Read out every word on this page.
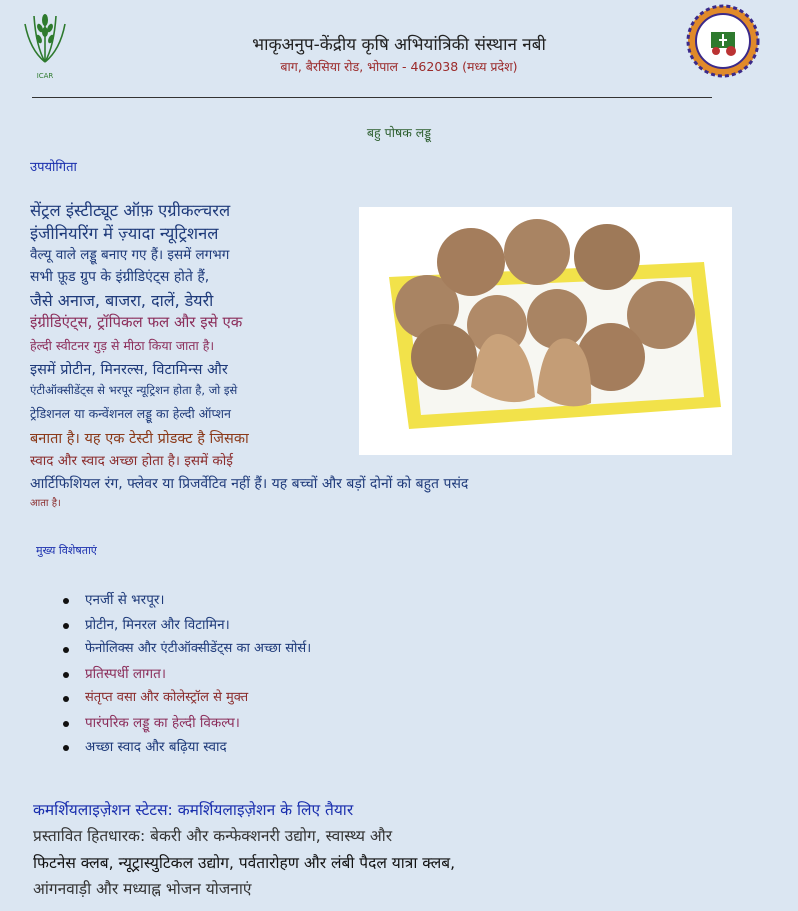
ICAR
भाकृअनुप-केंद्रीय कृषि अभियांत्रिकी संस्थान नबी
बाग, बैरसिया रोड, भोपाल - 462038 (मध्य प्रदेश)
बहु पोषक लड्डू
उपयोगिता
सेंट्रल इंस्टीट्यूट ऑफ़ एग्रीकल्चरल
इंजीनियरिंग में ज़्यादा न्यूट्रिशनल
वैल्यू वाले लड्डू बनाए गए हैं। इसमें लगभग
सभी फ़ूड ग्रुप के इंग्रीडिएंट्स होते हैं,
जैसे अनाज, बाजरा, दालें, डेयरी
इंग्रीडिएंट्स, ट्रॉपिकल फल और इसे एक
हेल्दी स्वीटनर गुड़ से मीठा किया जाता है।
इसमें प्रोटीन, मिनरल्स, विटामिन्स और
एंटीऑक्सीडेंट्स से भरपूर न्यूट्रिशन होता है, जो इसे
ट्रेडिशनल या कन्वेंशनल लड्डू का हेल्दी ऑप्शन
बनाता है। यह एक टेस्टी प्रोडक्ट है जिसका
स्वाद और स्वाद अच्छा होता है। इसमें कोई
आर्टिफिशियल रंग, फ्लेवर या प्रिजर्वेटिव नहीं हैं। यह बच्चों और बड़ों दोनों को बहुत पसंद
आता है।
मुख्य विशेषताएं
एनर्जी से भरपूर।
प्रोटीन, मिनरल और विटामिन।
फेनोलिक्स और एंटीऑक्सीडेंट्स का अच्छा सोर्स।
प्रतिस्पर्धी लागत।
संतृप्त वसा और कोलेस्ट्रॉल से मुक्त
पारंपरिक लड्डू का हेल्दी विकल्प।
अच्छा स्वाद और बढ़िया स्वाद
कमर्शियलाइज़ेशन स्टेटस: कमर्शियलाइज़ेशन के लिए तैयार
प्रस्तावित हितधारक: बेकरी और कन्फेक्शनरी उद्योग, स्वास्थ्य और
फिटनेस क्लब, न्यूट्रास्युटिकल उद्योग, पर्वतारोहण और लंबी पैदल यात्रा क्लब,
आंगनवाड़ी और मध्याह्न भोजन योजनाएं
